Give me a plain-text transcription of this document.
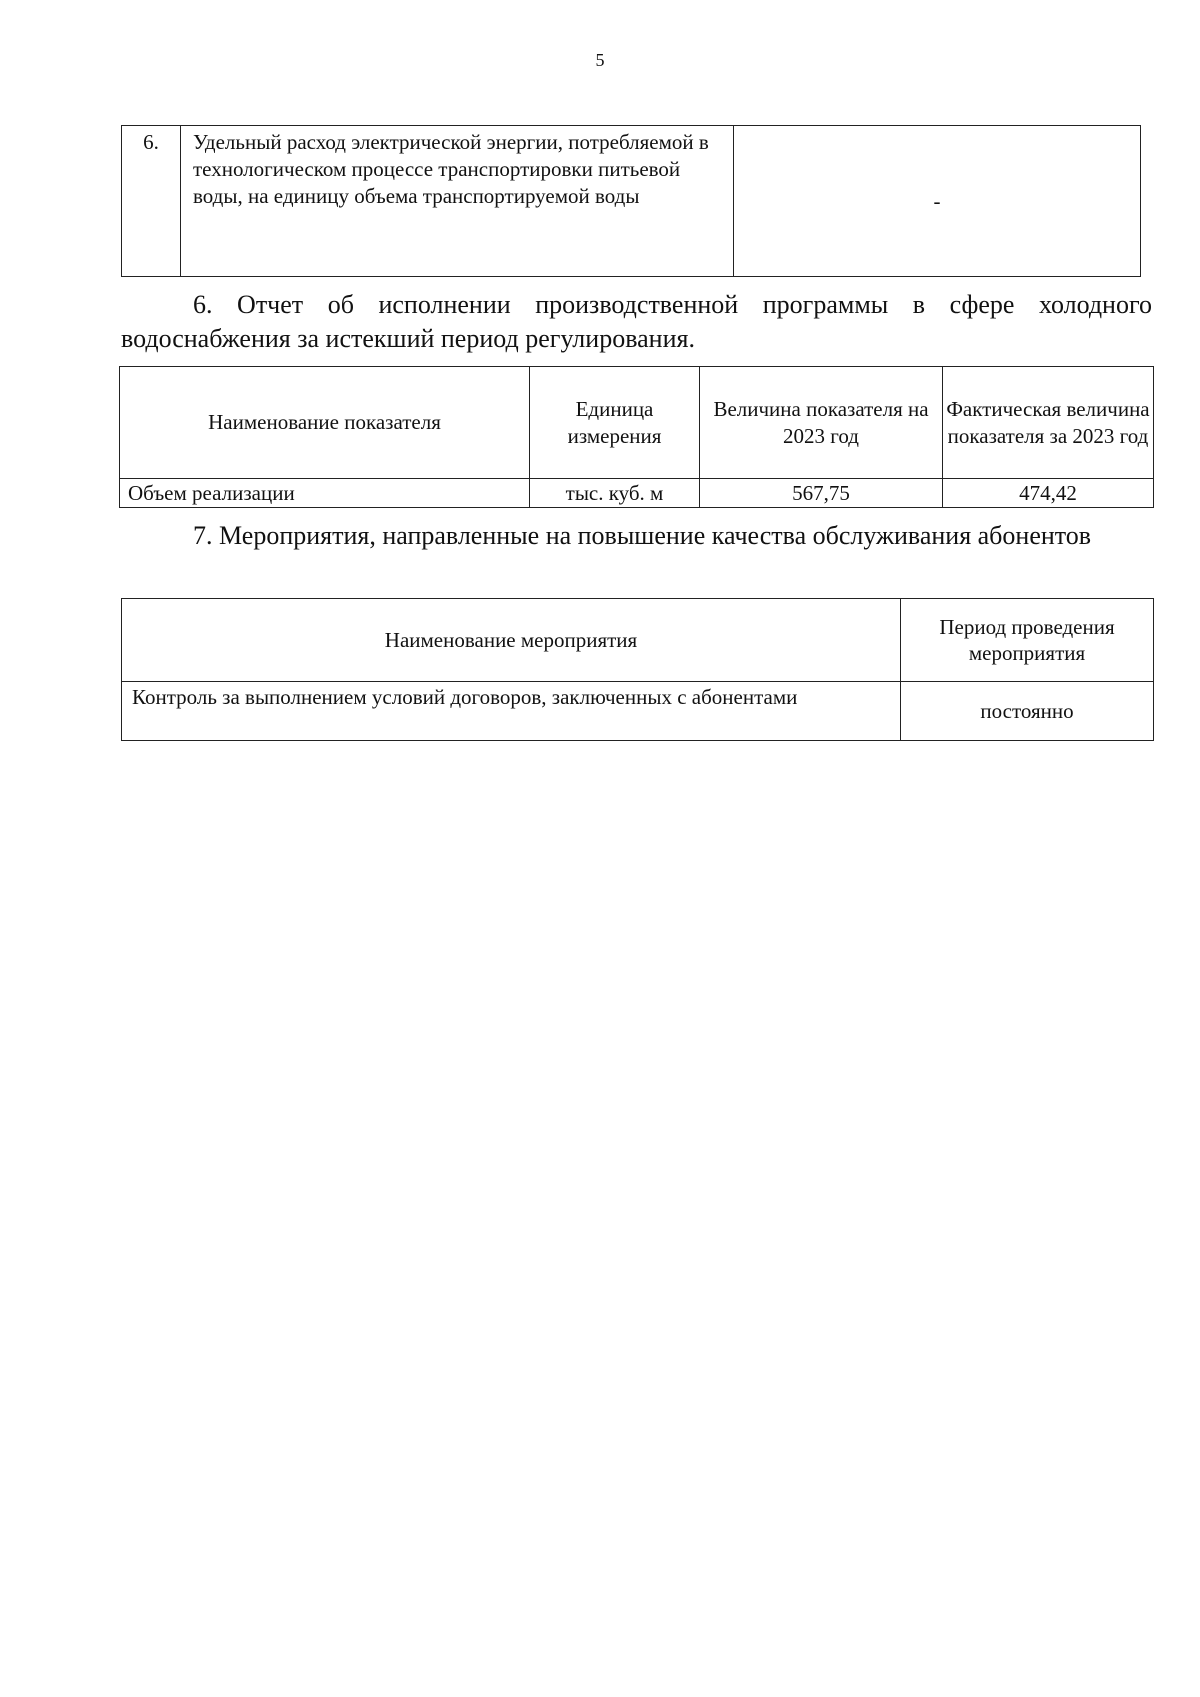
5
6.	Удельный расход электрической энергии, потребляемой в технологическом процессе транспортировки питьевой воды, на единицу объема транспортируемой воды	-
6. Отчет об исполнении производственной программы в сфере холодного водоснабжения за истекший период регулирования.
Наименование показателя	Единица измерения	Величина показателя на 2023 год	Фактическая величина показателя за 2023 год
Объем реализации	тыс. куб. м	567,75	474,42
7. Мероприятия, направленные на повышение качества обслуживания абонентов
Наименование мероприятия	Период проведения мероприятия
Контроль за выполнением условий договоров, заключенных с абонентами	постоянно
